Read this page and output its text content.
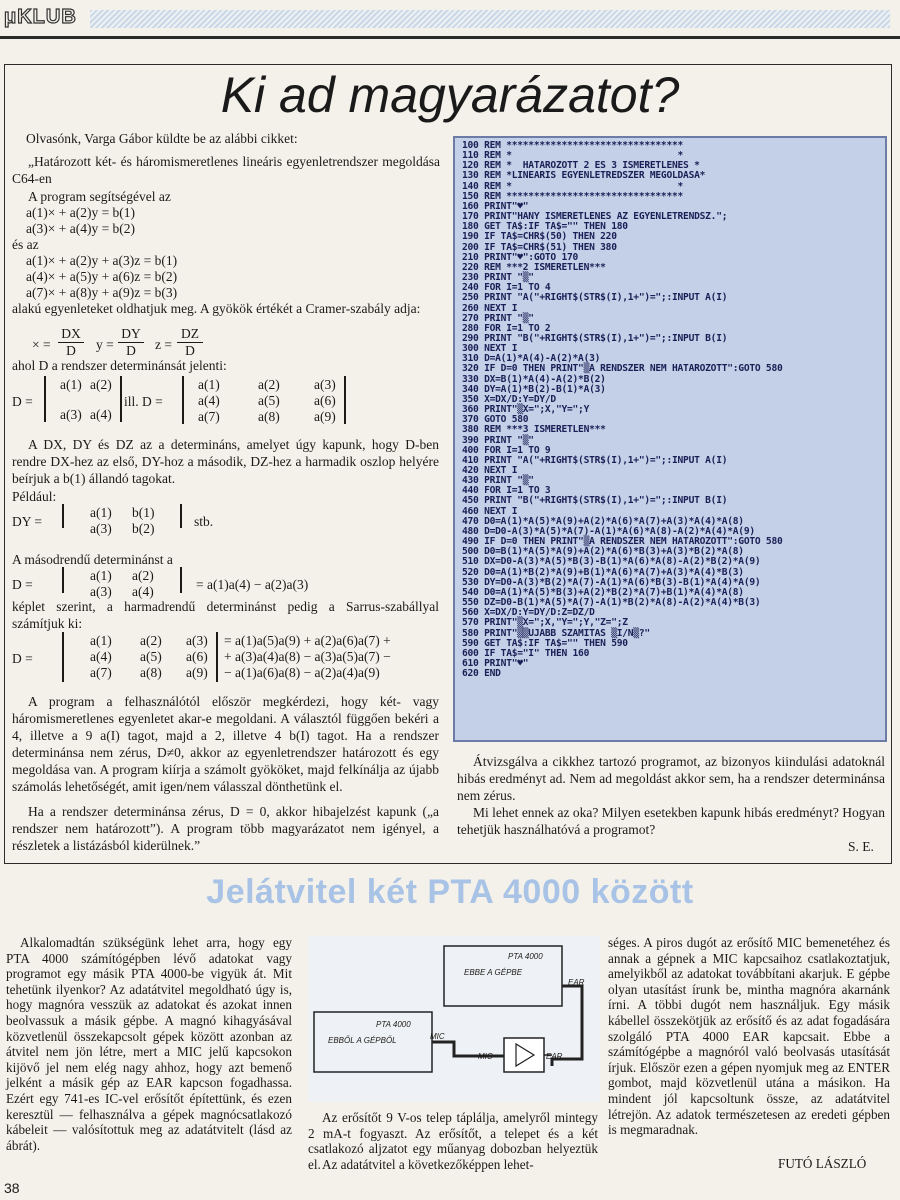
μKLUB
Ki ad magyarázatot?
Olvasónk, Varga Gábor küldte be az alábbi cikket:
„Határozott két- és háromismeretlenes lineáris egyenletrendszer megoldása C64-en
A program segítségével az
a(1)× + a(2)y = b(1)
a(3)× + a(4)y = b(2)
és az
a(1)× + a(2)y + a(3)z = b(1)
a(4)× + a(5)y + a(6)z = b(2)
a(7)× + a(8)y + a(9)z = b(3)
alakú egyenleteket oldhatjuk meg. A gyökök értékét a Cramer-szabály adja:
× = $\frac{DX}{D}$ $y = \frac{DY}{D}$ $z = \frac{DZ}{D}$
ahol D a rendszer determinánsát jelenti:
D =
a(1) a(2)
a(3) a(4)
ill. D =
a(1)	a(2)	a(3)
a(4)	a(5)	a(6)
a(7)	a(8)	a(9)
A DX, DY és DZ az a determináns, amelyet úgy kapunk, hogy D-ben rendre DX-hez az első, DY-hoz a második, DZ-hez a harmadik oszlop helyére beírjuk a b(1) állandó tagokat.
Például:
DY =
a(1) b(1)
a(3) b(2)	stb.
A másodrendű determinánst a
D =
a(1) a(2)
a(3) a(4)	= a(1)a(4) − a(2)a(3)
képlet szerint, a harmadrendű determinánst pedig a Sarrus-szabállyal számítjuk ki:
D =
a(1) a(2) a(3)
a(4) a(5) a(6)
a(7) a(8) a(9)
= a(1)a(5)a(9) + a(2)a(6)a(7) +
+ a(3)a(4)a(8) − a(3)a(5)a(7) −
− a(1)a(6)a(8) − a(2)a(4)a(9)
A program a felhasználótól először megkérdezi, hogy két- vagy háromismeretlenes egyenletet akar-e megoldani. A választól függően bekéri a 4, illetve a 9 a(I) tagot, majd a 2, illetve 4 b(I) tagot. Ha a rendszer determinánsa nem zérus, D≠0, akkor az egyenletrendszer határozott és egy megoldása van. A program kiírja a számolt gyököket, majd felkínálja az újabb számolás lehetőségét, amit igen/nem válasszal dönthetünk el.
Ha a rendszer determinánsa zérus, D = 0, akkor hibajelzést kapunk („a rendszer nem határozott”). A program több magyarázatot nem igényel, a részletek a listázásból kiderülnek.”
100 REM ********************************
110 REM *                              *
120 REM *  HATAROZOTT 2 ES 3 ISMERETLENES *
130 REM *LINEARIS EGYENLETREDSZER MEGOLDASA*
140 REM *                              *
150 REM ********************************
160 PRINT"♥"
170 PRINT"HANY ISMERETLENES AZ EGYENLETRENDSZ.";
180 GET TA$:IF TA$="" THEN 180
190 IF TA$=CHR$(50) THEN 220
200 IF TA$=CHR$(51) THEN 380
210 PRINT"♥":GOTO 170
220 REM ***2 ISMERETLEN***
230 PRINT "▒"
240 FOR I=1 TO 4
250 PRINT "A("+RIGHT$(STR$(I),1+")=";:INPUT A(I)
260 NEXT I
270 PRINT "▒"
280 FOR I=1 TO 2
290 PRINT "B("+RIGHT$(STR$(I),1+")=";:INPUT B(I)
300 NEXT I
310 D=A(1)*A(4)-A(2)*A(3)
320 IF D=0 THEN PRINT"▒A RENDSZER NEM HATAROZOTT":GOTO 580
330 DX=B(1)*A(4)-A(2)*B(2)
340 DY=A(1)*B(2)-B(1)*A(3)
350 X=DX/D:Y=DY/D
360 PRINT"▒X=";X,"Y=";Y
370 GOTO 580
380 REM ***3 ISMERETLEN***
390 PRINT "▒"
400 FOR I=1 TO 9
410 PRINT "A("+RIGHT$(STR$(I),1+")=";:INPUT A(I)
420 NEXT I
430 PRINT "▒"
440 FOR I=1 TO 3
450 PRINT "B("+RIGHT$(STR$(I),1+")=";:INPUT B(I)
460 NEXT I
470 D0=A(1)*A(5)*A(9)+A(2)*A(6)*A(7)+A(3)*A(4)*A(8)
480 D=D0-A(3)*A(5)*A(7)-A(1)*A(6)*A(8)-A(2)*A(4)*A(9)
490 IF D=0 THEN PRINT"▒A RENDSZER NEM HATAROZOTT":GOTO 580
500 D0=B(1)*A(5)*A(9)+A(2)*A(6)*B(3)+A(3)*B(2)*A(8)
510 DX=D0-A(3)*A(5)*B(3)-B(1)*A(6)*A(8)-A(2)*B(2)*A(9)
520 D0=A(1)*B(2)*A(9)+B(1)*A(6)*A(7)+A(3)*A(4)*B(3)
530 DY=D0-A(3)*B(2)*A(7)-A(1)*A(6)*B(3)-B(1)*A(4)*A(9)
540 D0=A(1)*A(5)*B(3)+A(2)*B(2)*A(7)+B(1)*A(4)*A(8)
550 DZ=D0-B(1)*A(5)*A(7)-A(1)*B(2)*A(8)-A(2)*A(4)*B(3)
560 X=DX/D:Y=DY/D:Z=DZ/D
570 PRINT"▒X=";X,"Y=";Y,"Z=";Z
580 PRINT"▒▒UJABB SZAMITAS ▒I/N▒?"
590 GET TA$:IF TA$="" THEN 590
600 IF TA$="I" THEN 160
610 PRINT"♥"
620 END
Átvizsgálva a cikkhez tartozó programot, az bizonyos kiindulási adatoknál hibás eredményt ad. Nem ad megoldást akkor sem, ha a rendszer determinánsa nem zérus.
Mi lehet ennek az oka? Milyen esetekben kapunk hibás eredményt? Hogyan tehetjük használhatóvá a programot?
S. E.
Jelátvitel két PTA 4000 között
Alkalomadtán szükségünk lehet arra, hogy egy PTA 4000 számítógépben lévő adatokat vagy programot egy másik PTA 4000-be vigyük át. Mit tehetünk ilyenkor? Az adatátvitel megoldható úgy is, hogy magnóra vesszük az adatokat és azokat innen beolvassuk a másik gépbe. A magnó kihagyásával közvetlenül összekapcsolt gépek között azonban az átvitel nem jön létre, mert a MIC jelű kapcsokon kijövő jel nem elég nagy ahhoz, hogy azt bemenő jelként a másik gép az EAR kapcson fogadhassa. Ezért egy 741-es IC-vel erősítőt építettünk, és ezen keresztül — felhasználva a gépek magnócsatlakozó kábeleit — valósítottuk meg az adatátvitelt (lásd az ábrát).
PTA 4000
EBBE A GÉPBE
PTA 4000
EBBŐL A GÉPBŐL
EAR
MIC
MIC	EAR
Az erősítőt 9 V-os telep táplálja, amelyről mintegy 2 mA-t fogyaszt. Az erősítőt, a telepet és a két csatlakozó aljzatot egy műanyag dobozban helyeztük el. Az adatátvitel a következőképpen lehet-
séges. A piros dugót az erősítő MIC bemenetéhez és annak a gépnek a MIC kapcsaihoz csatlakoztatjuk, amelyikből az adatokat továbbítani akarjuk. E gépbe olyan utasítást írunk be, mintha magnóra akarnánk írni. A többi dugót nem használjuk. Egy másik kábellel összekötjük az erősítő és az adat fogadására szolgáló PTA 4000 EAR kapcsait. Ebbe a számítógépbe a magnóról való beolvasás utasítását írjuk. Először ezen a gépen nyomjuk meg az ENTER gombot, majd közvetlenül utána a másikon. Ha mindent jól kapcsoltunk össze, az adatátvitel létrejön. Az adatok természetesen az eredeti gépben is megmaradnak.
FUTÓ LÁSZLÓ
38
